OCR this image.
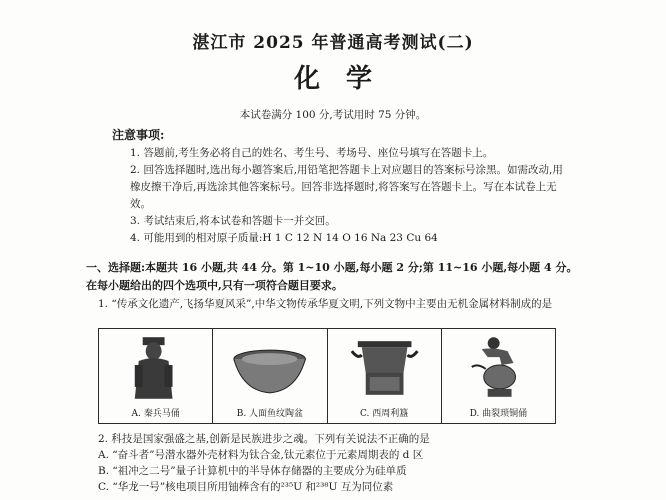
湛江市 2025 年普通高考测试(二)
化学
本试卷满分 100 分,考试用时 75 分钟。
注意事项:

1. 答题前,考生务必将自己的姓名、考生号、考场号、座位号填写在答题卡上。

2. 回答选择题时,选出每小题答案后,用铅笔把答题卡上对应题目的答案标号涂黑。如需改动,用橡皮擦干净后,再选涂其他答案标号。回答非选择题时,将答案写在答题卡上。写在本试卷上无效。

3. 考试结束后,将本试卷和答题卡一并交回。

4. 可能用到的相对原子质量:H 1 C 12 N 14 O 16 Na 23 Cu 64

一、选择题:本题共 16 小题,共 44 分。第 1~10 小题,每小题 2 分;第 11~16 小题,每小题 4 分。在每小题给出的四个选项中,只有一项符合题目要求。
1. “传承文化遗产,飞扬华夏风采”,中华文物传承华夏文明,下列文物中主要由无机金属材料制成的是
A. 秦兵马俑	B. 人面鱼纹陶盆	C. 西周利簋	D. 曲裂琐铜俑

2. 科技是国家强盛之基,创新是民族进步之魂。下列有关说法不正确的是

A. “奋斗者”号潜水器外壳材料为钛合金,钛元素位于元素周期表的 d 区

B. “祖冲之二号”量子计算机中的半导体存储器的主要成分为硅单质

C. “华龙一号”核电项目所用铀棒含有的²³⁵U 和²³⁸U 互为同位素
